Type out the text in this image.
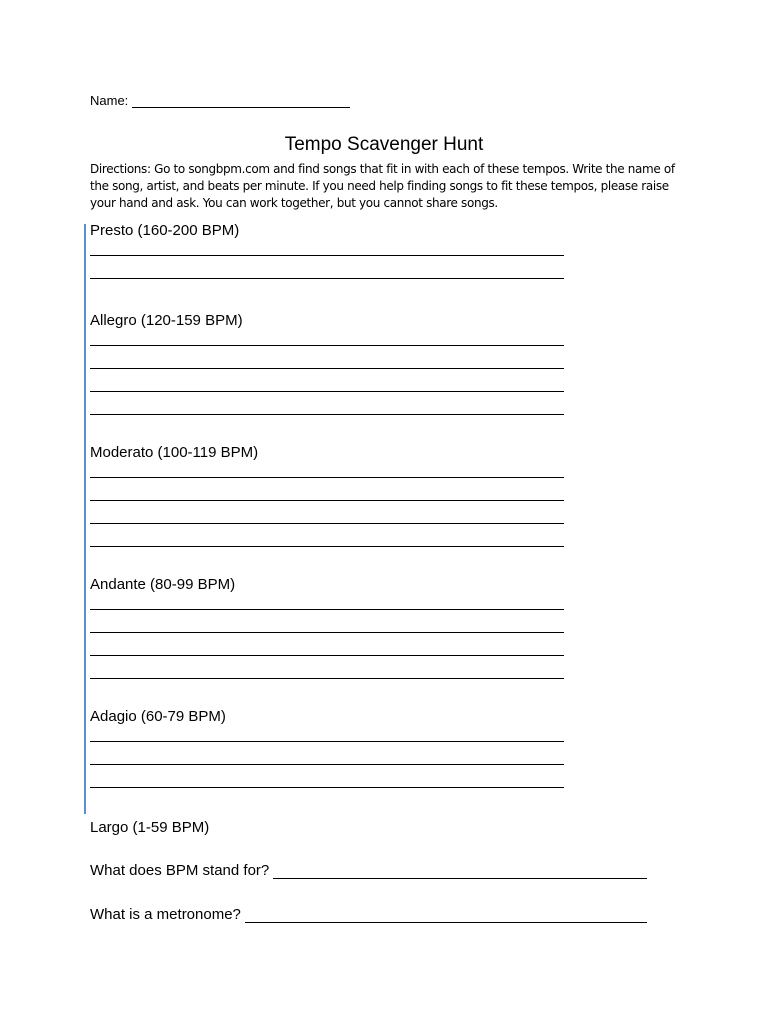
Name:
Tempo Scavenger Hunt
Directions: Go to songbpm.com and find songs that fit in with each of these tempos. Write the name of the song, artist, and beats per minute. If you need help finding songs to fit these tempos, please raise your hand and ask. You can work together, but you cannot share songs.
Presto (160-200 BPM)
Allegro (120-159 BPM)
Moderato (100-119 BPM)
Andante (80-99 BPM)
Adagio (60-79 BPM)
Largo (1-59 BPM)
What does BPM stand for?
What is a metronome?
